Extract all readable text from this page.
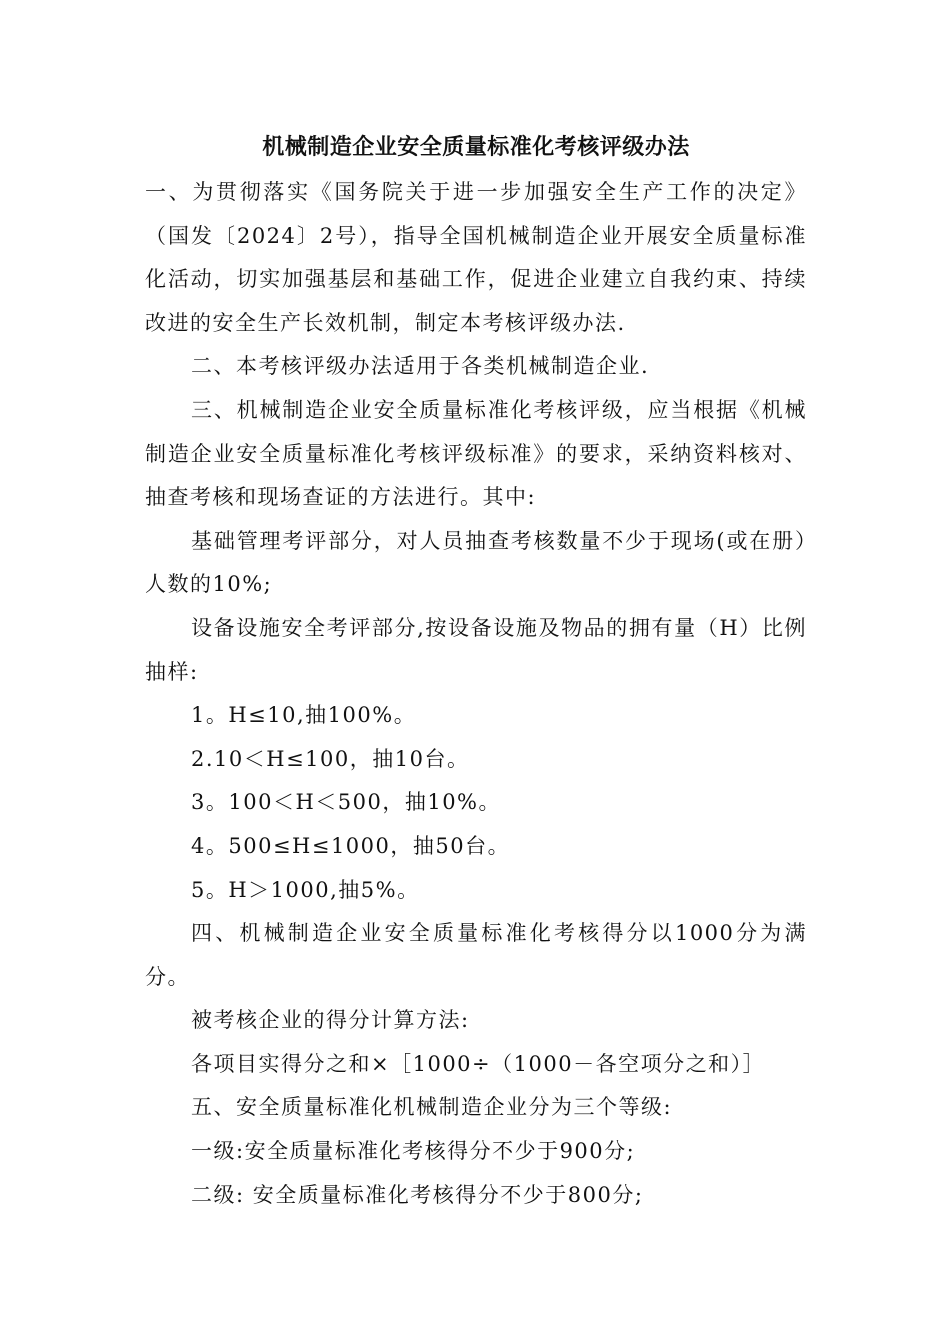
机械制造企业安全质量标准化考核评级办法

一、为贯彻落实《国务院关于进一步加强安全生产工作的决定》（国发〔2024〕2号），指导全国机械制造企业开展安全质量标准化活动，切实加强基层和基础工作，促进企业建立自我约束、持续改进的安全生产长效机制，制定本考核评级办法.

二、本考核评级办法适用于各类机械制造企业.

三、机械制造企业安全质量标准化考核评级，应当根据《机械制造企业安全质量标准化考核评级标准》的要求，采纳资料核对、抽查考核和现场查证的方法进行。其中:

基础管理考评部分，对人员抽查考核数量不少于现场(或在册）人数的10%;

设备设施安全考评部分,按设备设施及物品的拥有量（H）比例抽样:

1。H≤10,抽100%。

2.10＜H≤100，抽10台。

3。100＜H＜500，抽10%。

4。500≤H≤1000，抽50台。

5。H＞1000,抽5%。

四、机械制造企业安全质量标准化考核得分以1000分为满分。

被考核企业的得分计算方法:

各项目实得分之和×［1000÷（1000－各空项分之和）］

五、安全质量标准化机械制造企业分为三个等级:

一级:安全质量标准化考核得分不少于900分;

二级: 安全质量标准化考核得分不少于800分;
